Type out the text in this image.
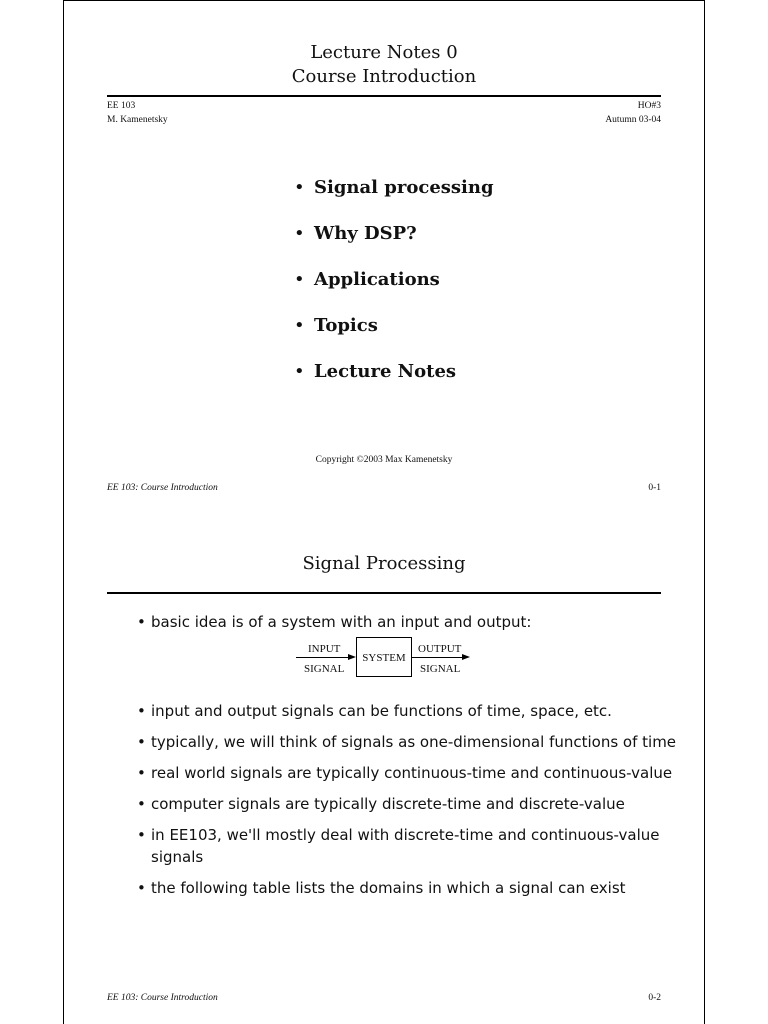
Lecture Notes 0
Course Introduction
EE 103
M. Kamenetsky
HO#3
Autumn 03-04
• Signal processing
• Why DSP?
• Applications
• Topics
• Lecture Notes
Copyright ©2003 Max Kamenetsky
EE 103: Course Introduction	0-1
Signal Processing
• basic idea is of a system with an input and output:
• input and output signals can be functions of time, space, etc.
• typically, we will think of signals as one-dimensional functions of time
• real world signals are typically continuous-time and continuous-value
• computer signals are typically discrete-time and discrete-value
• in EE103, we'll mostly deal with discrete-time and continuous-value signals
• the following table lists the domains in which a signal can exist
INPUT
SIGNAL
SYSTEM
OUTPUT
SIGNAL
EE 103: Course Introduction	0-2
